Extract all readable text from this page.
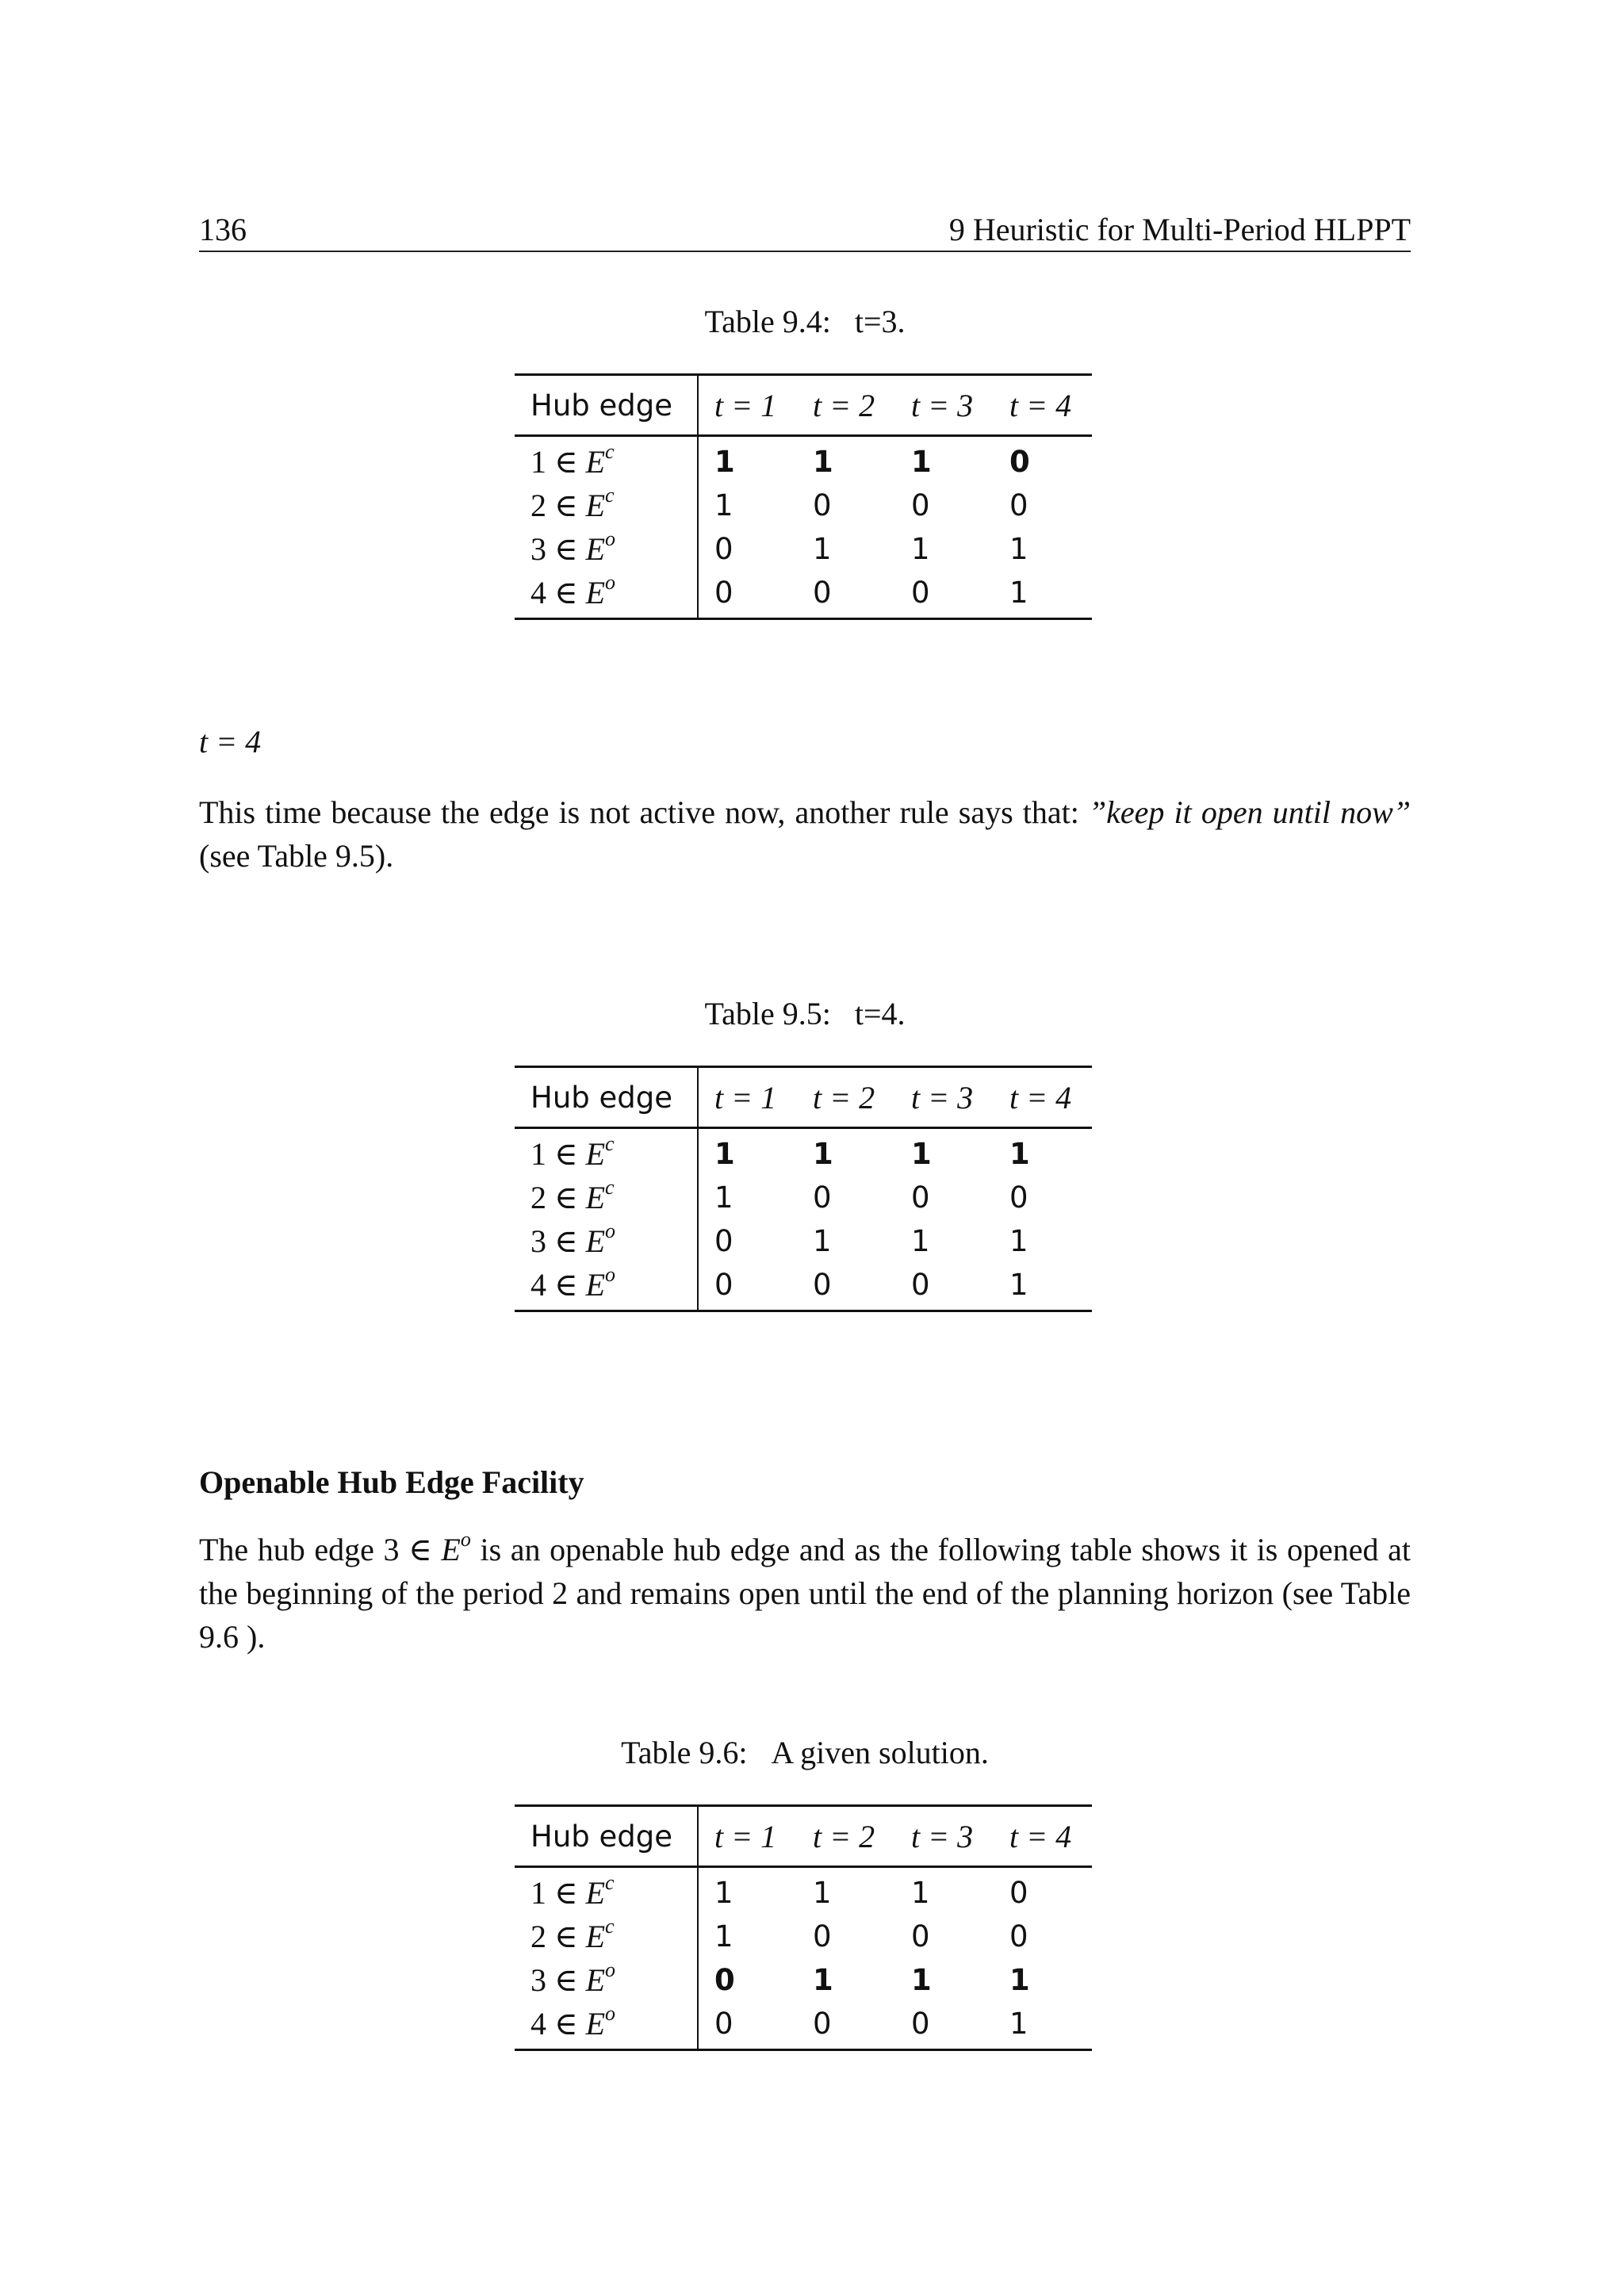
136	9 Heuristic for Multi-Period HLPPT
Table 9.4: t=3.
Hub edge	t = 1	t = 2	t = 3	t = 4
1 ∈ $E^c$	1	1	1	0
2 ∈ $E^c$	1	0	0	0
3 ∈ $E^o$	0	1	1	1
4 ∈ $E^o$	0	0	0	1
t = 4
This time because the edge is not active now, another rule says that: ”keep it open until now” (see Table 9.5).
Table 9.5: t=4.
Hub edge	t = 1	t = 2	t = 3	t = 4
1 ∈ $E^c$	1	1	1	1
2 ∈ $E^c$	1	0	0	0
3 ∈ $E^o$	0	1	1	1
4 ∈ $E^o$	0	0	0	1
Openable Hub Edge Facility
The hub edge 3 ∈ $E^o$ is an openable hub edge and as the following table shows it is opened at the beginning of the period 2 and remains open until the end of the planning horizon (see Table 9.6 ).
Table 9.6: A given solution.
Hub edge	t = 1	t = 2	t = 3	t = 4
1 ∈ $E^c$	1	1	1	0
2 ∈ $E^c$	1	0	0	0
3 ∈ $E^o$	0	1	1	1
4 ∈ $E^o$	0	0	0	1
